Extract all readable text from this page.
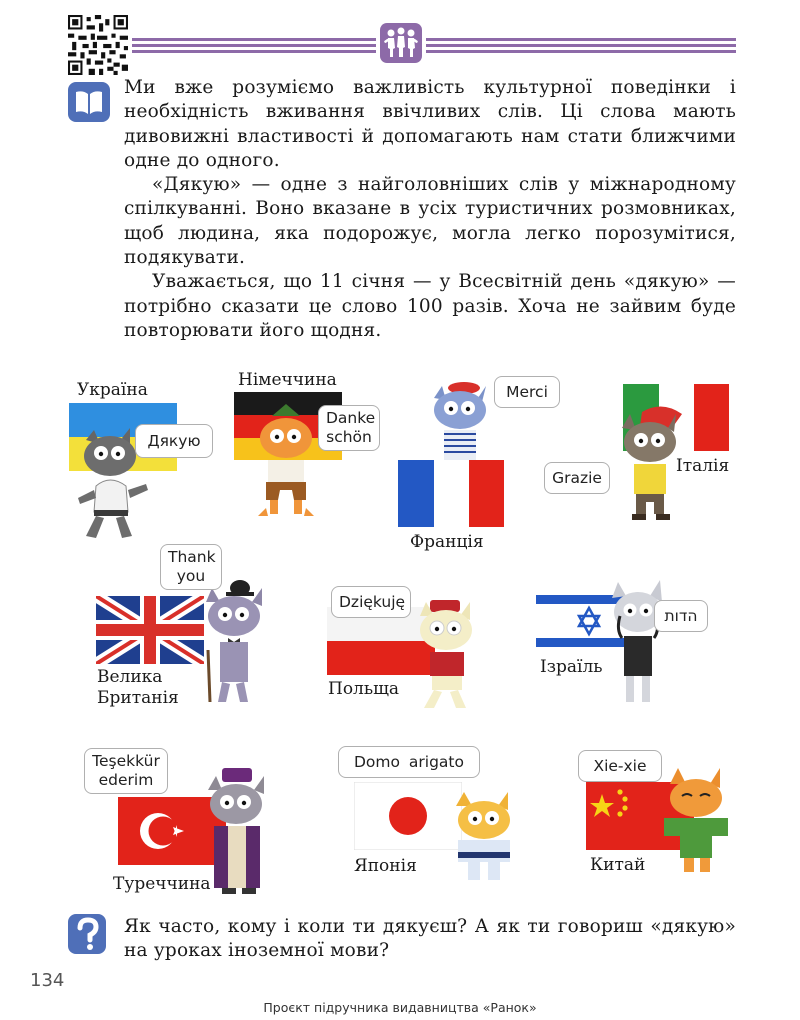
Ми вже розуміємо важливість культурної поведінки і необхідність вживання ввічливих слів. Ці слова мають дивовижні властивості й допомагають нам стати ближчими одне до одного.

«Дякую» — одне з найголовніших слів у міжнародному спілкуванні. Воно вказане в усіх туристичних розмовниках, щоб людина, яка подорожує, могла легко порозумітися, подякувати.

Уважається, що 11 січня — у Всесвітній день «дякую» — потрібно сказати це слово 100 разів. Хоча не зайвим буде повторювати його щодня.

Україна
Дякую
Німеччина
Danke
schön
Merci
Франція
Grazie
Італія
Thank
you
Велика
Британія
Dziękuję
Польща
הדות
Ізраїль
Teşekkür
ederim
Туреччина
Domo arigato
Японія
Xie-xie
Китай

Як часто, кому і коли ти дякуєш? А як ти говориш «дякую» на уроках іноземної мови?

134
Проєкт підручника видавництва «Ранок»
